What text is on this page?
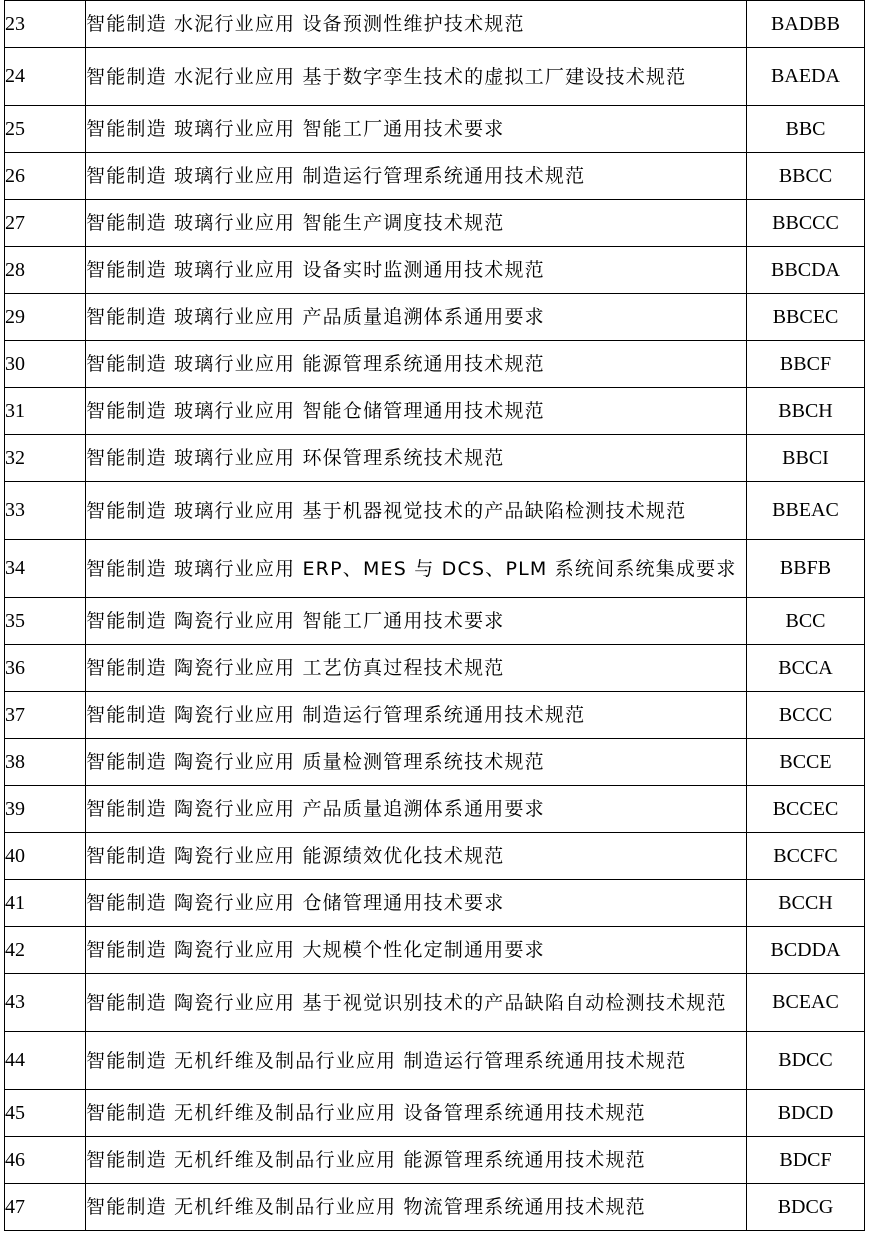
23	智能制造 水泥行业应用 设备预测性维护技术规范	BADBB
24	智能制造 水泥行业应用 基于数字孪生技术的虚拟工厂建设技术规范	BAEDA
25	智能制造 玻璃行业应用 智能工厂通用技术要求	BBC
26	智能制造 玻璃行业应用 制造运行管理系统通用技术规范	BBCC
27	智能制造 玻璃行业应用 智能生产调度技术规范	BBCCC
28	智能制造 玻璃行业应用 设备实时监测通用技术规范	BBCDA
29	智能制造 玻璃行业应用 产品质量追溯体系通用要求	BBCEC
30	智能制造 玻璃行业应用 能源管理系统通用技术规范	BBCF
31	智能制造 玻璃行业应用 智能仓储管理通用技术规范	BBCH
32	智能制造 玻璃行业应用 环保管理系统技术规范	BBCI
33	智能制造 玻璃行业应用 基于机器视觉技术的产品缺陷检测技术规范	BBEAC
34	智能制造 玻璃行业应用 ERP、MES 与 DCS、PLM 系统间系统集成要求	BBFB
35	智能制造 陶瓷行业应用 智能工厂通用技术要求	BCC
36	智能制造 陶瓷行业应用 工艺仿真过程技术规范	BCCA
37	智能制造 陶瓷行业应用 制造运行管理系统通用技术规范	BCCC
38	智能制造 陶瓷行业应用 质量检测管理系统技术规范	BCCE
39	智能制造 陶瓷行业应用 产品质量追溯体系通用要求	BCCEC
40	智能制造 陶瓷行业应用 能源绩效优化技术规范	BCCFC
41	智能制造 陶瓷行业应用 仓储管理通用技术要求	BCCH
42	智能制造 陶瓷行业应用 大规模个性化定制通用要求	BCDDA
43	智能制造 陶瓷行业应用 基于视觉识别技术的产品缺陷自动检测技术规范	BCEAC
44	智能制造 无机纤维及制品行业应用 制造运行管理系统通用技术规范	BDCC
45	智能制造 无机纤维及制品行业应用 设备管理系统通用技术规范	BDCD
46	智能制造 无机纤维及制品行业应用 能源管理系统通用技术规范	BDCF
47	智能制造 无机纤维及制品行业应用 物流管理系统通用技术规范	BDCG
